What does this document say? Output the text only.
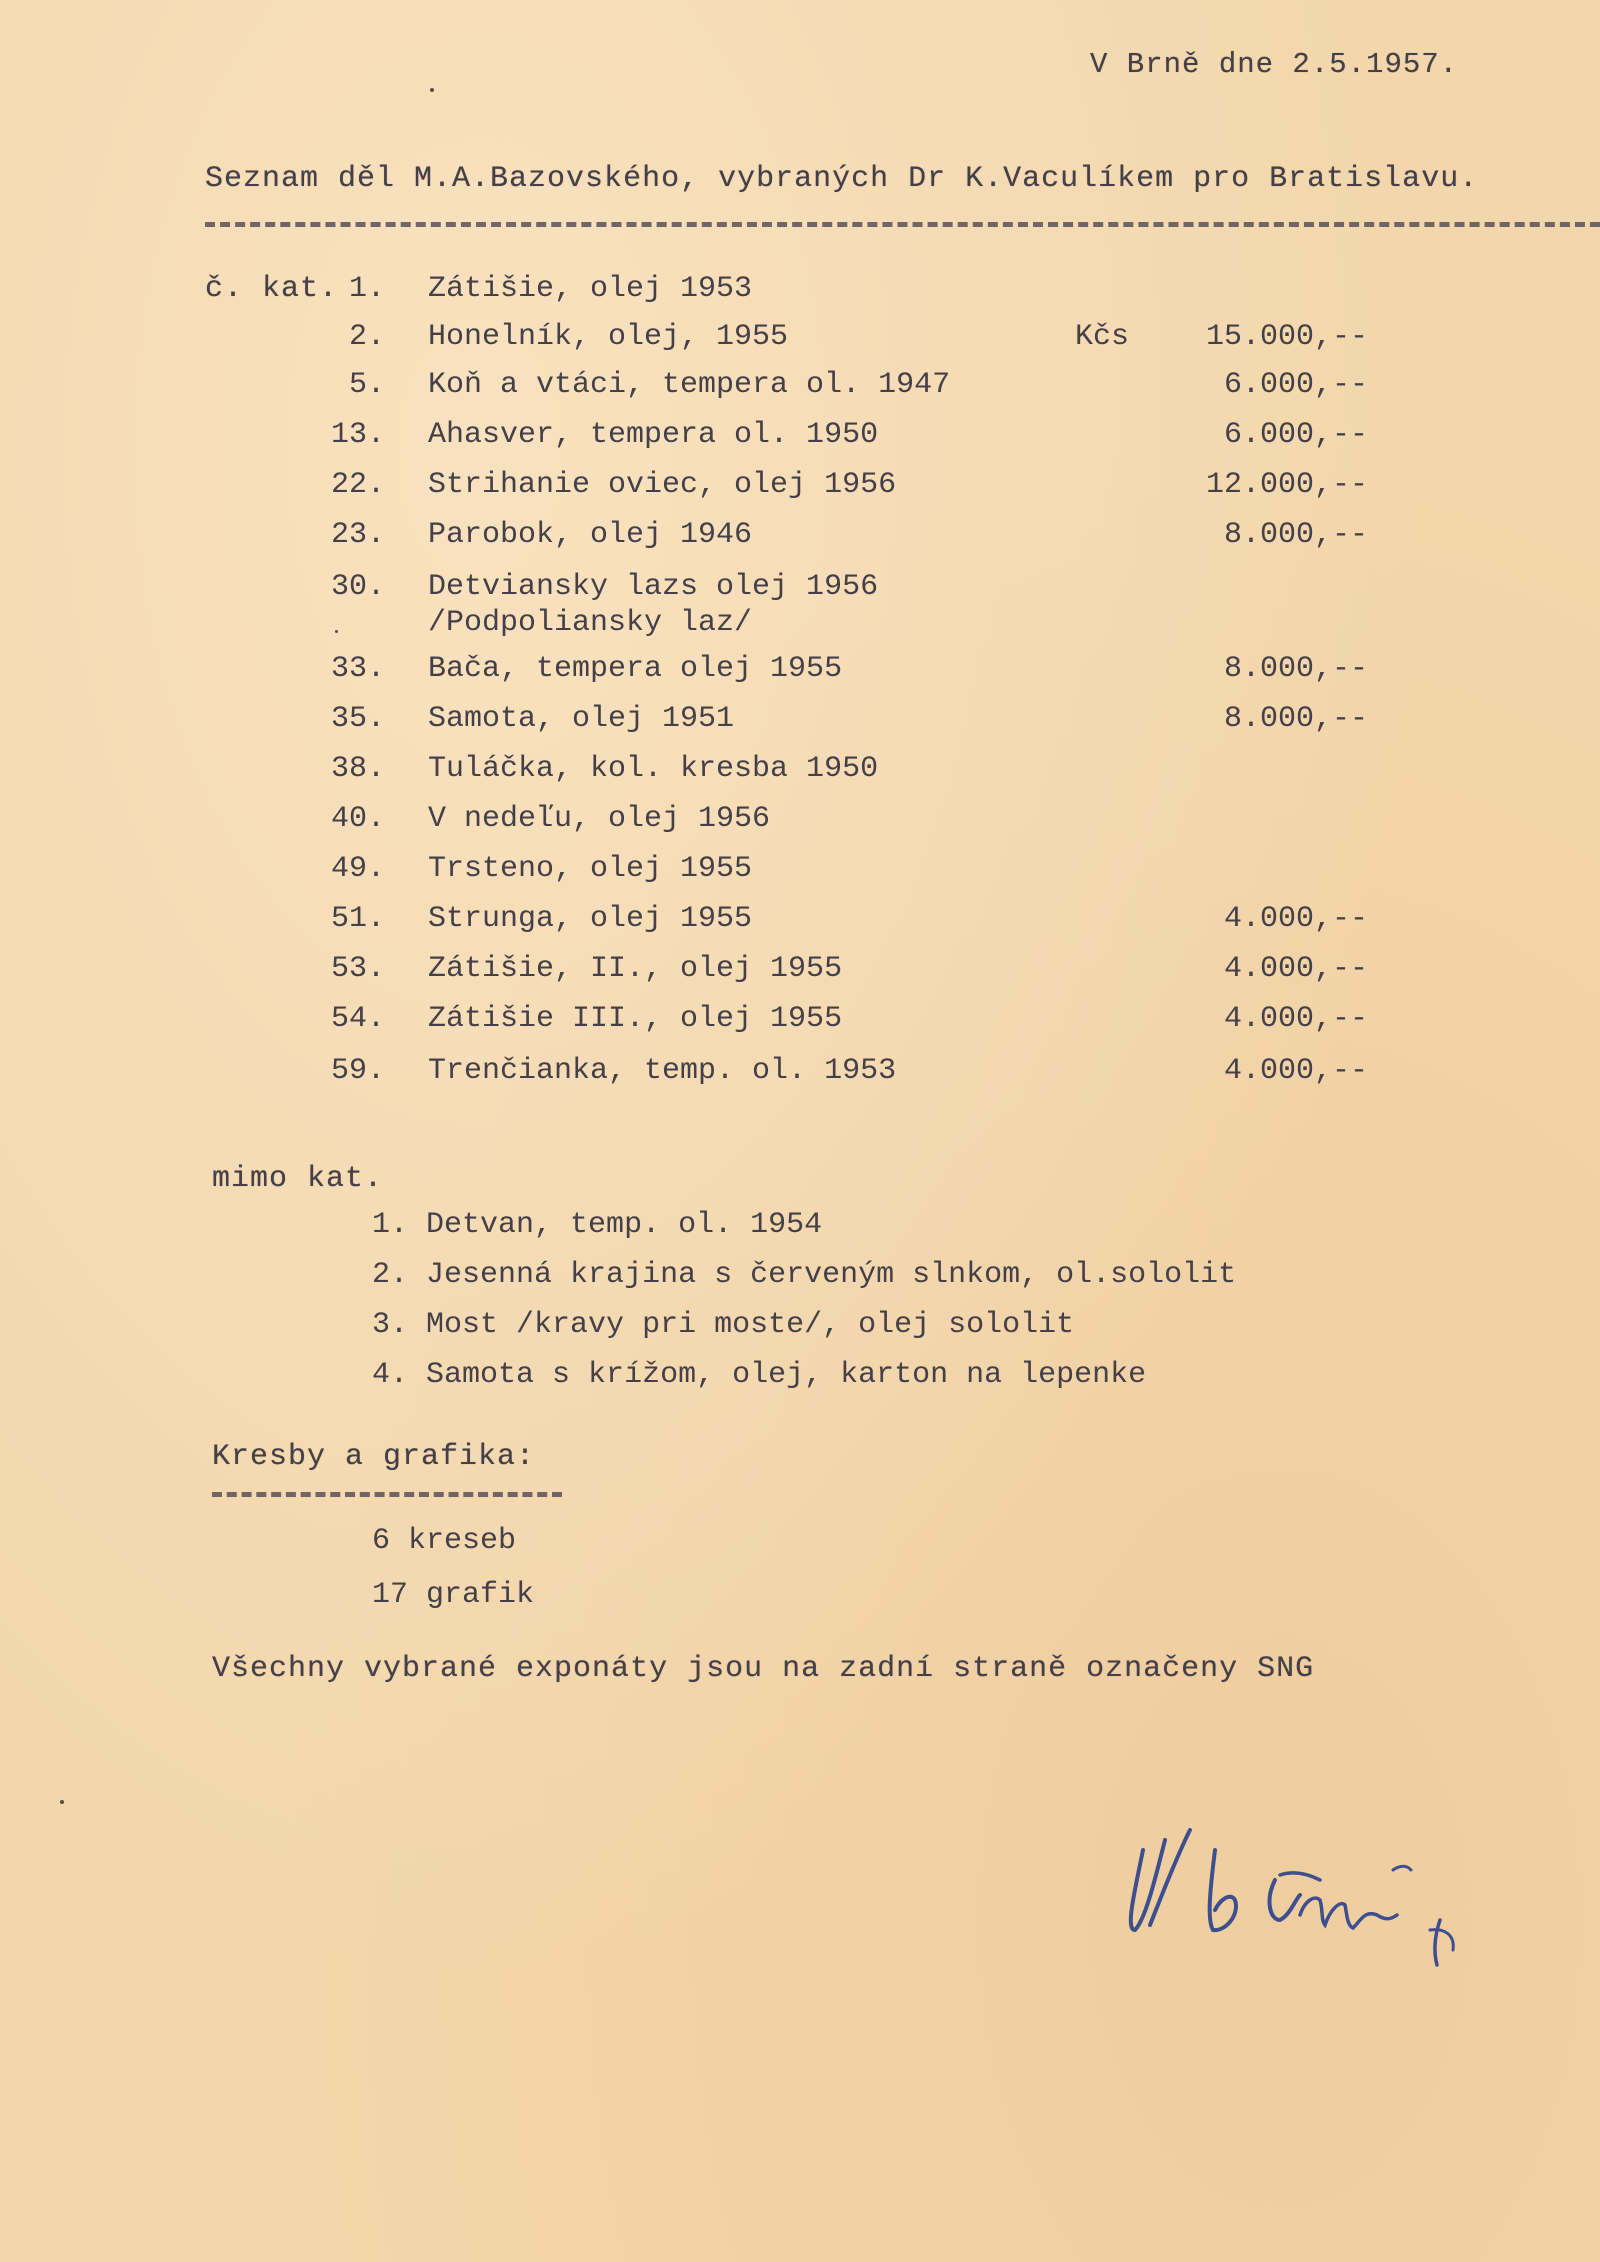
V Brně dne 2.5.1957.
Seznam děl M.A.Bazovského, vybraných Dr K.Vaculíkem pro Bratislavu.
č. kat.
Kčs
1. Zátišie, olej 1953
2. Honelník, olej, 1955	15.000,--
5. Koň a vtáci, tempera ol. 1947	6.000,--
13. Ahasver, tempera ol. 1950	6.000,--
22. Strihanie oviec, olej 1956	12.000,--
23. Parobok, olej 1946	8.000,--
30. Detviansky lazs olej 1956
/Podpoliansky laz/
33. Bača, tempera olej 1955	8.000,--
35. Samota, olej 1951	8.000,--
38. Tuláčka, kol. kresba 1950
40. V nedeľu, olej 1956
49. Trsteno, olej 1955
51. Strunga, olej 1955	4.000,--
53. Zátišie, II., olej 1955	4.000,--
54. Zátišie III., olej 1955	4.000,--
59. Trenčianka, temp. ol. 1953	4.000,--
mimo kat.
1. Detvan, temp. ol. 1954
2. Jesenná krajina s červeným slnkom, ol.sololit
3. Most /kravy pri moste/, olej sololit
4. Samota s krížom, olej, karton na lepenke
Kresby a grafika:
6 kreseb
17 grafik
Všechny vybrané exponáty jsou na zadní straně označeny SNG
